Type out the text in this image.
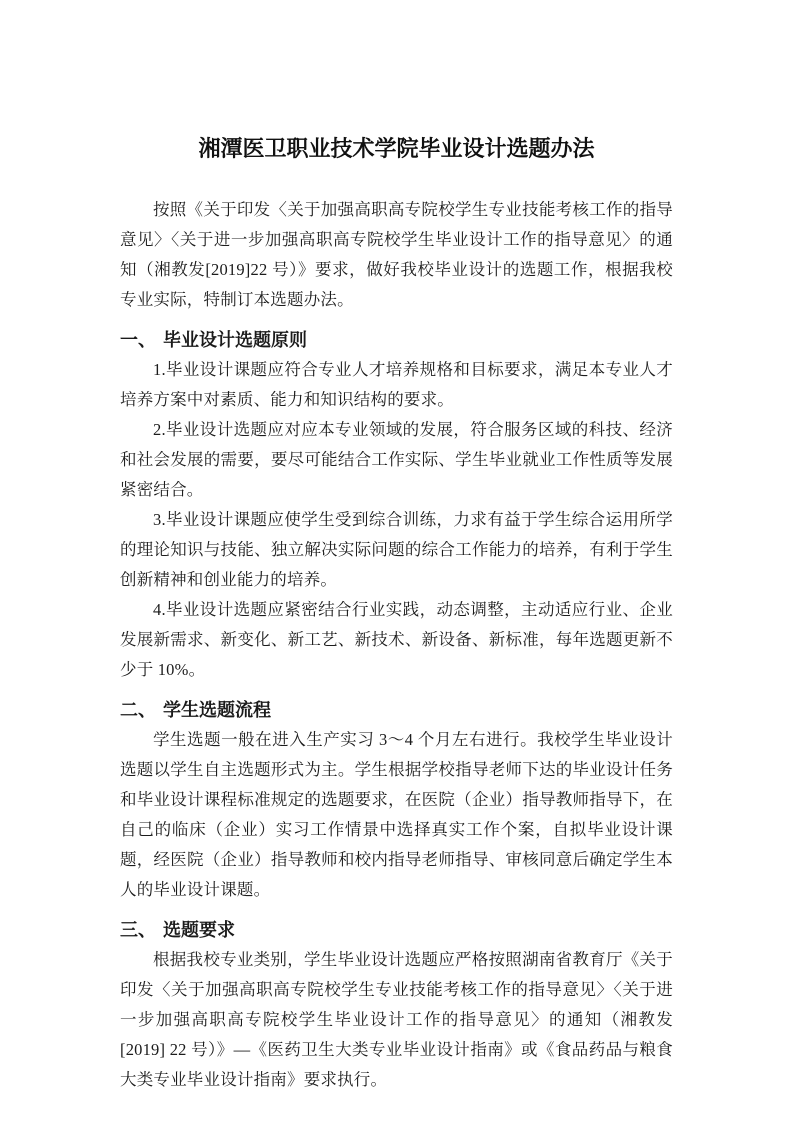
湘潭医卫职业技术学院毕业设计选题办法

按照《关于印发〈关于加强高职高专院校学生专业技能考核工作的指导意见〉〈关于进一步加强高职高专院校学生毕业设计工作的指导意见〉的通知（湘教发[2019]22 号）》要求，做好我校毕业设计的选题工作，根据我校专业实际，特制订本选题办法。

一、 毕业设计选题原则

1.毕业设计课题应符合专业人才培养规格和目标要求，满足本专业人才培养方案中对素质、能力和知识结构的要求。

2.毕业设计选题应对应本专业领域的发展，符合服务区域的科技、经济和社会发展的需要，要尽可能结合工作实际、学生毕业就业工作性质等发展紧密结合。

3.毕业设计课题应使学生受到综合训练，力求有益于学生综合运用所学的理论知识与技能、独立解决实际问题的综合工作能力的培养，有利于学生创新精神和创业能力的培养。

4.毕业设计选题应紧密结合行业实践，动态调整，主动适应行业、企业发展新需求、新变化、新工艺、新技术、新设备、新标准，每年选题更新不少于 10%。

二、 学生选题流程

学生选题一般在进入生产实习 3～4 个月左右进行。我校学生毕业设计选题以学生自主选题形式为主。学生根据学校指导老师下达的毕业设计任务和毕业设计课程标准规定的选题要求，在医院（企业）指导教师指导下，在自己的临床（企业）实习工作情景中选择真实工作个案，自拟毕业设计课题，经医院（企业）指导教师和校内指导老师指导、审核同意后确定学生本人的毕业设计课题。

三、 选题要求

根据我校专业类别，学生毕业设计选题应严格按照湖南省教育厅《关于印发〈关于加强高职高专院校学生专业技能考核工作的指导意见〉〈关于进一步加强高职高专院校学生毕业设计工作的指导意见〉的通知（湘教发[2019] 22 号）》—《医药卫生大类专业毕业设计指南》或《食品药品与粮食大类专业毕业设计指南》要求执行。
